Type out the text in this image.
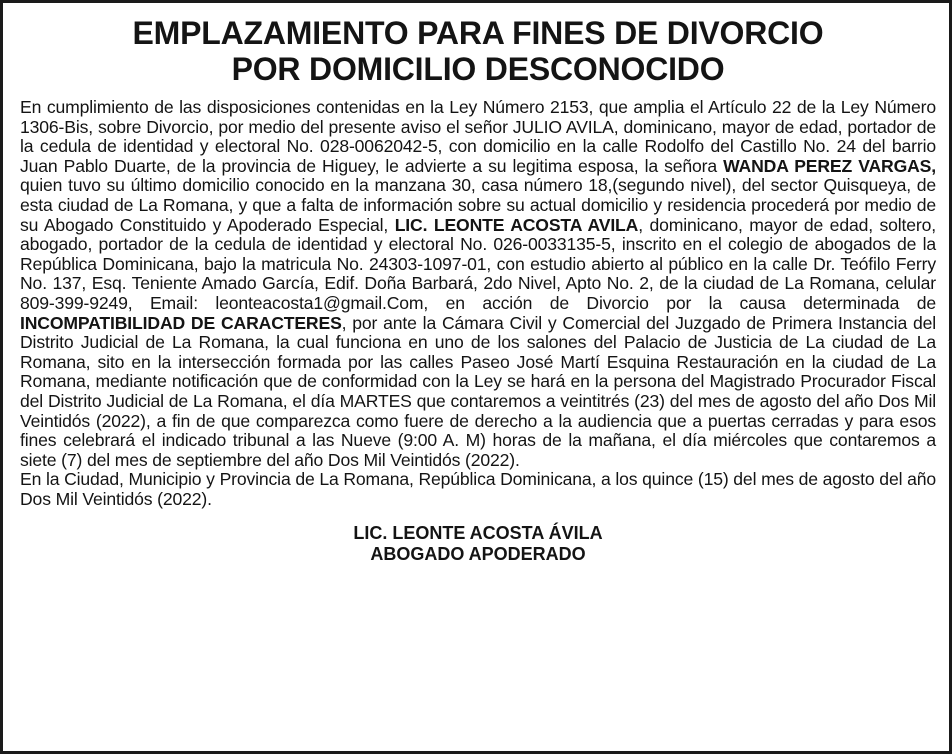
EMPLAZAMIENTO PARA FINES DE DIVORCIO
POR DOMICILIO DESCONOCIDO

En cumplimiento de las disposiciones contenidas en la Ley Número 2153, que amplia el Artículo 22 de la Ley Número 1306-Bis, sobre Divorcio, por medio del presente aviso el señor JULIO AVILA, dominicano, mayor de edad, portador de la cedula de identidad y electoral No. 028-0062042-5, con domicilio en la calle Rodolfo del Castillo No. 24 del barrio Juan Pablo Duarte, de la provincia de Higuey, le advierte a su legitima esposa, la señora WANDA PEREZ VARGAS, quien tuvo su último domicilio conocido en la manzana 30, casa número 18,(segundo nivel), del sector Quisqueya, de esta ciudad de La Romana, y que a falta de información sobre su actual domicilio y residencia procederá por medio de su Abogado Constituido y Apoderado Especial, LIC. LEONTE ACOSTA AVILA, dominicano, mayor de edad, soltero, abogado, portador de la cedula de identidad y electoral No. 026-0033135-5, inscrito en el colegio de abogados de la República Dominicana, bajo la matricula No. 24303-1097-01, con estudio abierto al público en la calle Dr. Teófilo Ferry No. 137, Esq. Teniente Amado García, Edif. Doña Barbará, 2do Nivel, Apto No. 2, de la ciudad de La Romana, celular 809-399-9249, Email: leonteacosta1@gmail.Com, en acción de Divorcio por la causa determinada de INCOMPATIBILIDAD DE CARACTERES, por ante la Cámara Civil y Comercial del Juzgado de Primera Instancia del Distrito Judicial de La Romana, la cual funciona en uno de los salones del Palacio de Justicia de La ciudad de La Romana, sito en la intersección formada por las calles Paseo José Martí Esquina Restauración en la ciudad de La Romana, mediante notificación que de conformidad con la Ley se hará en la persona del Magistrado Procurador Fiscal del Distrito Judicial de La Romana, el día MARTES que contaremos a veintitrés (23) del mes de agosto del año Dos Mil Veintidós (2022), a fin de que comparezca como fuere de derecho a la audiencia que a puertas cerradas y para esos fines celebrará el indicado tribunal a las Nueve (9:00 A. M) horas de la mañana, el día miércoles que contaremos a siete (7) del mes de septiembre del año Dos Mil Veintidós (2022).

En la Ciudad, Municipio y Provincia de La Romana, República Dominicana, a los quince (15) del mes de agosto del año Dos Mil Veintidós (2022).

LIC. LEONTE ACOSTA ÁVILA
ABOGADO APODERADO
